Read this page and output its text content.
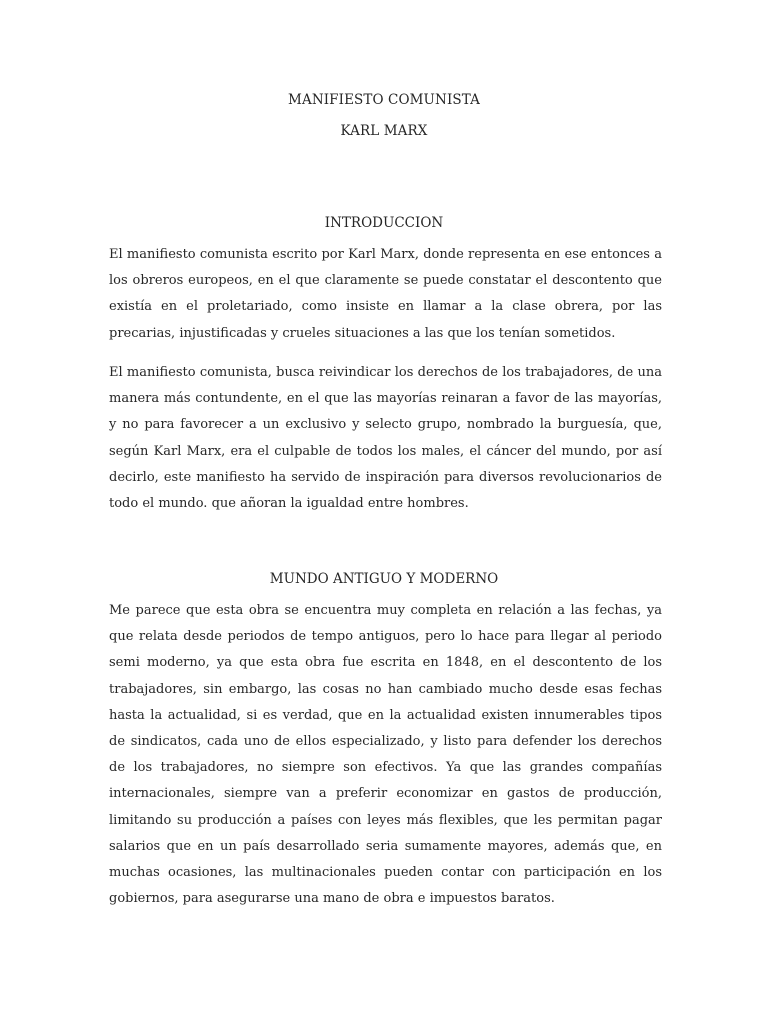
MANIFIESTO COMUNISTA
KARL MARX
INTRODUCCION

El manifiesto comunista escrito por Karl Marx, donde representa en ese entonces a los obreros europeos, en el que claramente se puede constatar el descontento que existía en el proletariado, como insiste en llamar a la clase obrera, por las precarias, injustificadas y crueles situaciones a las que los tenían sometidos.

El manifiesto comunista, busca reivindicar los derechos de los trabajadores, de una manera más contundente, en el que las mayorías reinaran a favor de las mayorías, y no para favorecer a un exclusivo y selecto grupo, nombrado la burguesía, que, según Karl Marx, era el culpable de todos los males, el cáncer del mundo, por así decirlo, este manifiesto ha servido de inspiración para diversos revolucionarios de todo el mundo. que añoran la igualdad entre hombres.

MUNDO ANTIGUO Y MODERNO

Me parece que esta obra se encuentra muy completa en relación a las fechas, ya que relata desde periodos de tempo antiguos, pero lo hace para llegar al periodo semi moderno, ya que esta obra fue escrita en 1848, en el descontento de los trabajadores, sin embargo, las cosas no han cambiado mucho desde esas fechas hasta la actualidad, si es verdad, que en la actualidad existen innumerables tipos de sindicatos, cada uno de ellos especializado, y listo para defender los derechos de los trabajadores, no siempre son efectivos. Ya que las grandes compañías internacionales, siempre van a preferir economizar en gastos de producción, limitando su producción a países con leyes más flexibles, que les permitan pagar salarios que en un país desarrollado seria sumamente mayores, además que, en muchas ocasiones, las multinacionales pueden contar con participación en los gobiernos, para asegurarse una mano de obra e impuestos baratos.
